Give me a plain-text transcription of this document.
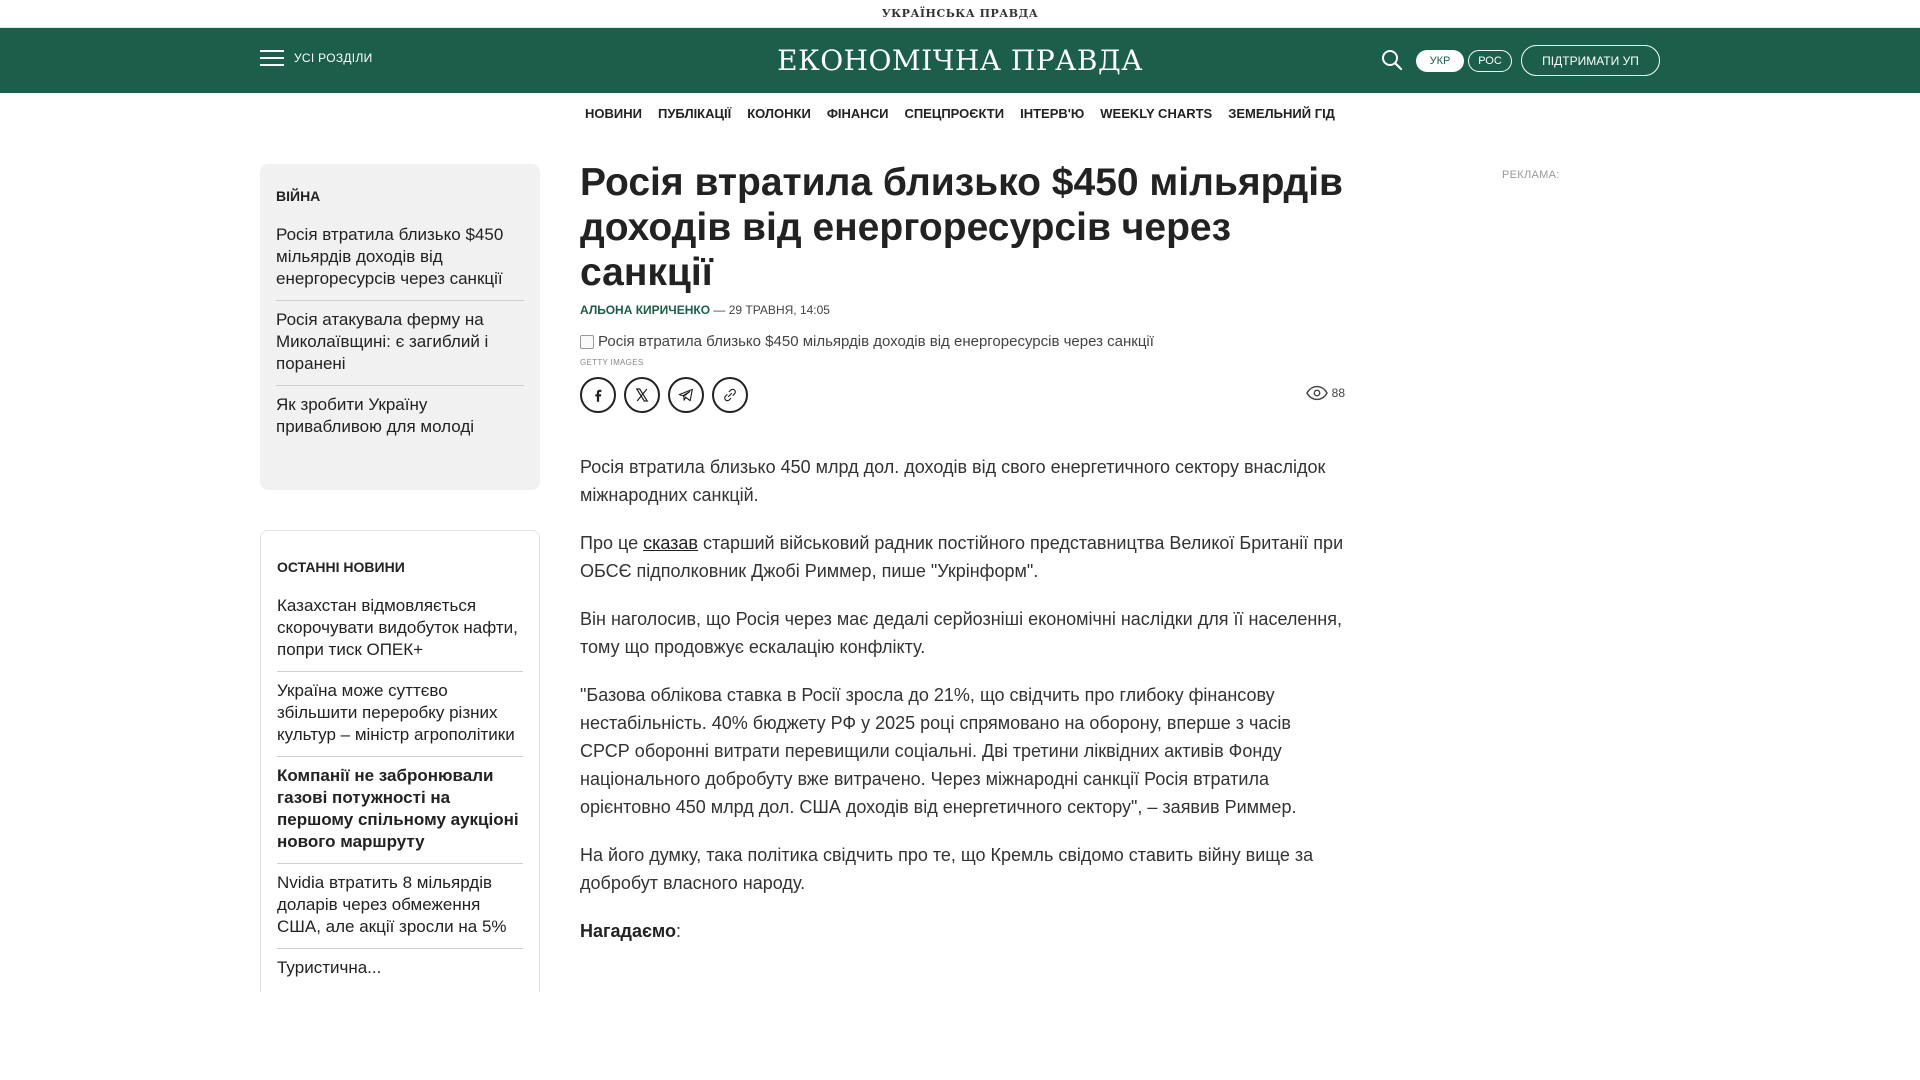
УКРАЇНСЬКА ПРАВДА
УСІ РОЗДІЛИ	ЕКОНОМІЧНА ПРАВДА	УКР	РОС	ПІДТРИМАТИ УП
НОВИНИ ПУБЛІКАЦІЇ КОЛОНКИ ФІНАНСИ СПЕЦПРОЄКТИ ІНТЕРВ'Ю WEEKLY CHARTS ЗЕМЕЛЬНИЙ ГІД
ВІЙНА
Росія втратила близько $450 мільярдів доходів від енергоресурсів через санкції
Росія атакувала ферму на Миколаївщині: є загиблий і поранені
Як зробити Україну привабливою для молоді
ОСТАННІ НОВИНИ
Казахстан відмовляється скорочувати видобуток нафти, попри тиск ОПЕК+
Україна може суттєво збільшити переробку різних культур – міністр агрополітики
Компанії не забронювали газові потужності на першому спільному аукціоні нового маршруту
Nvidia втратить 8 мільярдів доларів через обмеження США, але акції зросли на 5%
Туристична...
Росія втратила близько $450 мільярдів доходів від енергоресурсів через санкції
АЛЬОНА КИРИЧЕНКО — 29 ТРАВНЯ, 14:05
Росія втратила близько $450 мільярдів доходів від енергоресурсів через санкції
GETTY IMAGES
88

Росія втратила близько 450 млрд дол. доходів від свого енергетичного сектору внаслідок міжнародних санкцій.

Про це сказав старший військовий радник постійного представництва Великої Британії при ОБСЄ підполковник Джобі Риммер, пише "Укрінформ".

Він наголосив, що Росія через має дедалі серйозніші економічні наслідки для її населення, тому що продовжує ескалацію конфлікту.

"Базова облікова ставка в Росії зросла до 21%, що свідчить про глибоку фінансову нестабільність. 40% бюджету РФ у 2025 році спрямовано на оборону, вперше з часів СРСР оборонні витрати перевищили соціальні. Дві третини ліквідних активів Фонду національного добробуту вже витрачено. Через міжнародні санкції Росія втратила орієнтовно 450 млрд дол. США доходів від енергетичного сектору", – заявив Риммер.

На його думку, така політика свідчить про те, що Кремль свідомо ставить війну вище за добробут власного народу.

Нагадаємо:

РЕКЛАМА:
